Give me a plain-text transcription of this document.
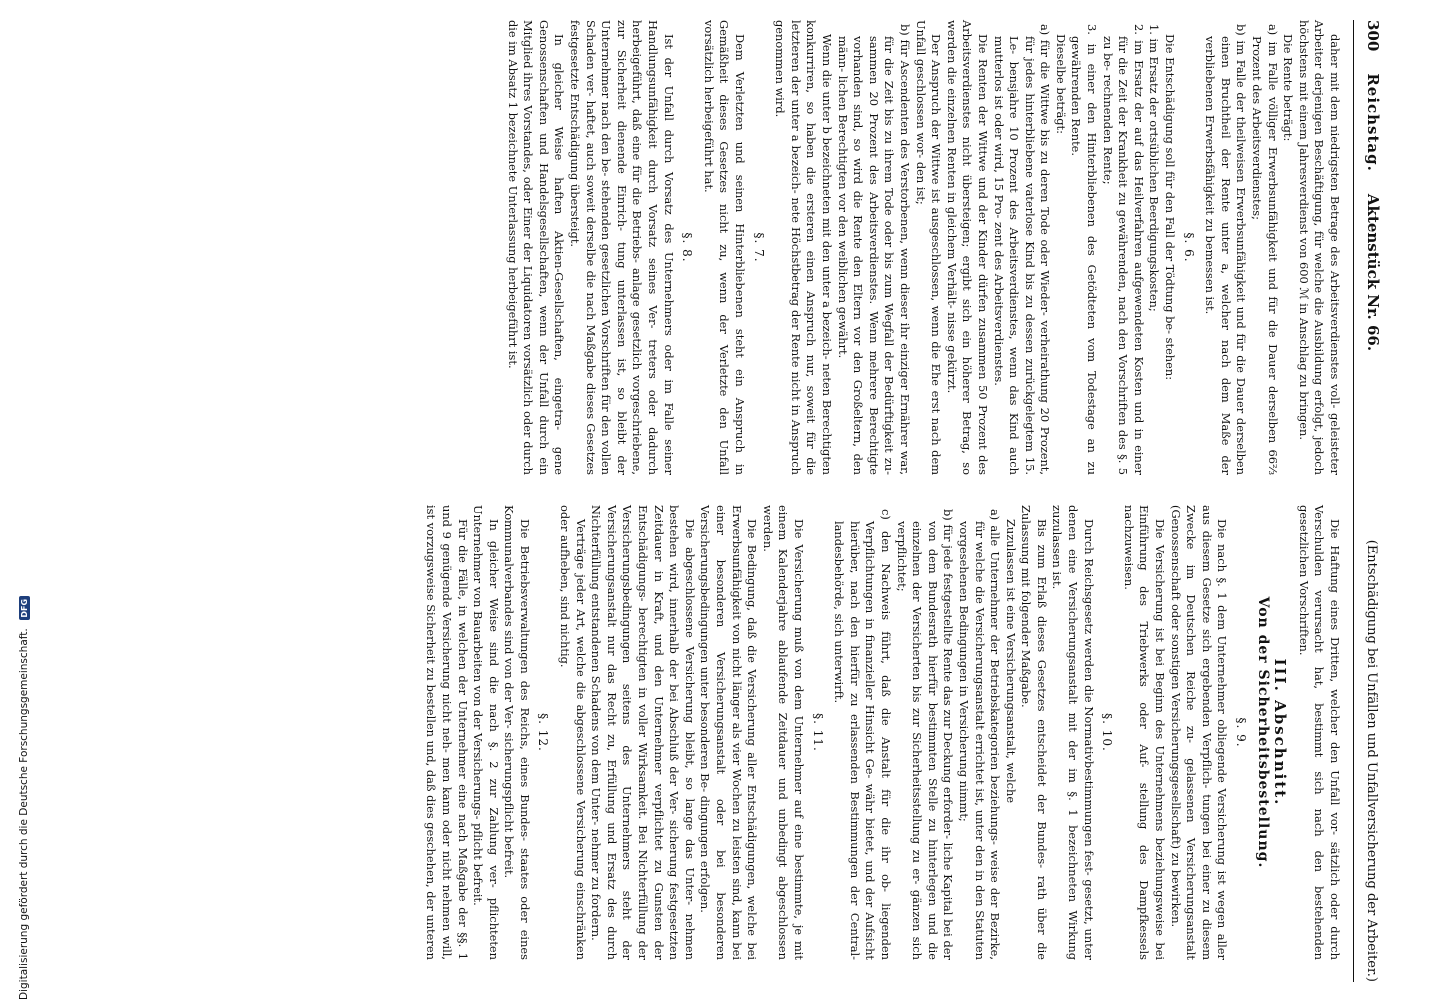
300
Reichstag.
Aktenstück Nr. 66.
(Entschädigung bei Unfällen und Unfallversicherung der Arbeiter.)

daher mit dem niedrigsten Betrage des Arbeitsverdienstes voll- geleisteter Arbeiter derjenigen Beschäftigung, für welche die Ausbildung erfolgt, jedoch höchstens mit einem Jahresverdienst von 600 ℳ in Anschlag zu bringen.

Die Rente beträgt:

a) im Falle völliger Erwerbsunfähigkeit und für die Dauer derselben 66⅔ Prozent des Arbeitsverdienstes;

b) im Falle der theilweisen Erwerbsunfähigkeit und für die Dauer derselben einen Bruchtheil der Rente unter a, welcher nach dem Maße der verbliebenen Erwerbsfähigkeit zu bemessen ist.

§. 6.

Die Entschädigung soll für den Fall der Tödtung be- stehen:

1. im Ersatz der ortsüblichen Beerdigungskosten;

2. im Ersatz der auf das Heilverfahren aufgewendeten Kosten und in einer für die Zeit der Krankheit zu gewährenden, nach den Vorschriften des §. 5 zu be- rechnenden Rente;

3. in einer den Hinterbliebenen des Getödteten vom Todestage an zu gewährenden Rente.

Dieselbe beträgt:

a) für die Wittwe bis zu deren Tode oder Wieder- verheirathung 20 Prozent, für jedes hinterbliebene vaterlose Kind bis zu dessen zurückgelegtem 15. Le- bensjahre 10 Prozent des Arbeitsverdienstes, wenn das Kind auch mutterlos ist oder wird, 15 Pro- zent des Arbeitsverdienstes.

Die Renten der Wittwe und der Kinder dürfen zusammen 50 Prozent des Arbeitsverdienstes nicht übersteigen; ergibt sich ein höherer Betrag, so werden die einzelnen Renten in gleichem Verhält- nisse gekürzt.

Der Anspruch der Wittwe ist ausgeschlossen, wenn die Ehe erst nach dem Unfall geschlossen wor- den ist;

b) für Ascendenten des Verstorbenen, wenn dieser ihr einziger Ernährer war, für die Zeit bis zu ihrem Tode oder bis zum Wegfall der Bedürftigkeit zu- sammen 20 Prozent des Arbeitsverdienstes. Wenn mehrere Berechtigte vorhanden sind, so wird die Rente den Eltern vor den Großeltern, den männ- lichen Berechtigten vor den weiblichen gewährt.

Wenn die unter b bezeichneten mit den unter a bezeich- neten Berechtigten konkurriren, so haben die ersteren einen Anspruch nur, soweit für die letzteren der unter a bezeich- nete Höchstbetrag der Rente nicht in Anspruch genommen wird.

§. 7.

Dem Verletzten und seinen Hinterbliebenen steht ein Anspruch in Gemäßheit dieses Gesetzes nicht zu, wenn der Verletzte den Unfall vorsätzlich herbeigeführt hat.

§. 8.

Ist der Unfall durch Vorsatz des Unternehmers oder im Falle seiner Handlungsunfähigkeit durch Vorsatz seines Ver- treters oder dadurch herbeigeführt, daß eine für die Betriebs- anlage gesetzlich vorgeschriebene, zur Sicherheit dienende Einrich- tung unterlassen ist, so bleibt der Unternehmer nach den be- stehenden gesetzlichen Vorschriften für den vollen Schaden ver- haftet, auch soweit derselbe die nach Maßgabe dieses Gesetzes festgesetzte Entschädigung übersteigt.

In gleicher Weise haften Aktien-Gesellschaften, eingetra- gene Genossenschaften und Handelsgesellschaften, wenn der Unfall durch ein Mitglied ihres Vorstandes, oder Einer der Liquidatoren vorsätzlich oder durch die im Absatz 1 bezeichnete Unterlassung herbeigeführt ist.

Die Haftung eines Dritten, welcher den Unfall vor- sätzlich oder durch Verschulden verursacht hat, bestimmt sich nach den bestehenden gesetzlichen Vorschriften.

III. Abschnitt.
Von der Sicherheitsbestellung.
§. 9.

Die nach §. 1 dem Unternehmer obliegende Versicherung ist wegen aller aus diesem Gesetze sich ergebenden Verpflich- tungen bei einer zu diesem Zwecke im Deutschen Reiche zu- gelassenen Versicherungsanstalt (Genossenschaft oder sonstigen Versicherungsgesellschaft) zu bewirken.

Die Versicherung ist bei Beginn des Unternehmens beziehungsweise bei Einführung des Triebwerks oder Auf- stellung des Dampfkessels nachzuweisen.

§. 10.

Durch Reichsgesetz werden die Normativbestimmungen fest- gesetzt, unter denen eine Versicherungsanstalt mit der im §. 1 bezeichneten Wirkung zuzulassen ist.

Bis zum Erlaß dieses Gesetzes entscheidet der Bundes- rath über die Zulassung mit folgender Maßgabe.

Zuzulassen ist eine Versicherungsanstalt, welche

a) alle Unternehmer der Betriebskategorien beziehungs- weise der Bezirke, für welche die Versicherungsanstalt errichtet ist, unter den in den Statuten vorgesehenen Bedingungen in Versicherung nimmt;

b) für jede festgestellte Rente das zur Deckung erforder- liche Kapital bei der von dem Bundesrath hierfür bestimmten Stelle zu hinterlegen und die einzelnen der Versicherten bis zur Sicherheitsstellung zu er- gänzen sich verpflichtet;

c) den Nachweis führt, daß die Anstalt für die ihr ob- liegenden Verpflichtungen in finanzieller Hinsicht Ge- währ bietet, und der Aufsicht hierüber, nach den hierfür zu erlassenden Bestimmungen der Central- landesbehörde, sich unterwirft.

§. 11.

Die Versicherung muß von dem Unternehmer auf eine bestimmte, je mit einem Kalenderjahre ablaufende Zeitdauer und unbedingt abgeschlossen werden.

Die Bedingung, daß die Versicherung aller Entschädigungen, welche bei Erwerbsunfähigkeit von nicht länger als vier Wochen zu leisten sind, kann bei einer besonderen Versicherungsanstalt oder bei besonderen Versicherungsbedingungen unter besonderen Be- dingungen erfolgen.

Die abgeschlossene Versicherung bleibt, so lange das Unter- nehmen bestehen wird, innerhalb der bei Abschluß der Ver- sicherung festgesetzten Zeitdauer in Kraft, und den Unternehmer verpflichtet zu Gunsten der Entschädigungs- berechtigten in voller Wirksamkeit. Bei Nichterfüllung der Versicherungsbedingungen seitens des Unternehmers steht der Versicherungsanstalt nur das Recht zu, Erfüllung und Ersatz des durch Nichterfüllung entstandenen Schadens von dem Unter- nehmer zu fordern.

Verträge jeder Art, welche die abgeschlossene Versicherung einschränken oder aufheben, sind nichtig.

§. 12.

Die Betriebsverwaltungen des Reichs, eines Bundes- staates oder eines Kommunalverbandes sind von der Ver- sicherungspflicht befreit.

In gleicher Weise sind die nach §. 2 zur Zahlung ver- pflichteten Unternehmer von Bauarbeiten von der Versicherungs- pflicht befreit.

Für die Fälle, in welchen der Unternehmer eine nach Maßgabe der §§. 1 und 9 genügende Versicherung nicht neh- men kann oder nicht nehmen will, ist vorzugsweise Sicherheit zu bestellen und, daß dies geschehen, der unteren

Digitalisierung gefördert durch die Deutsche Forschungsgemeinschaft.
DFG
